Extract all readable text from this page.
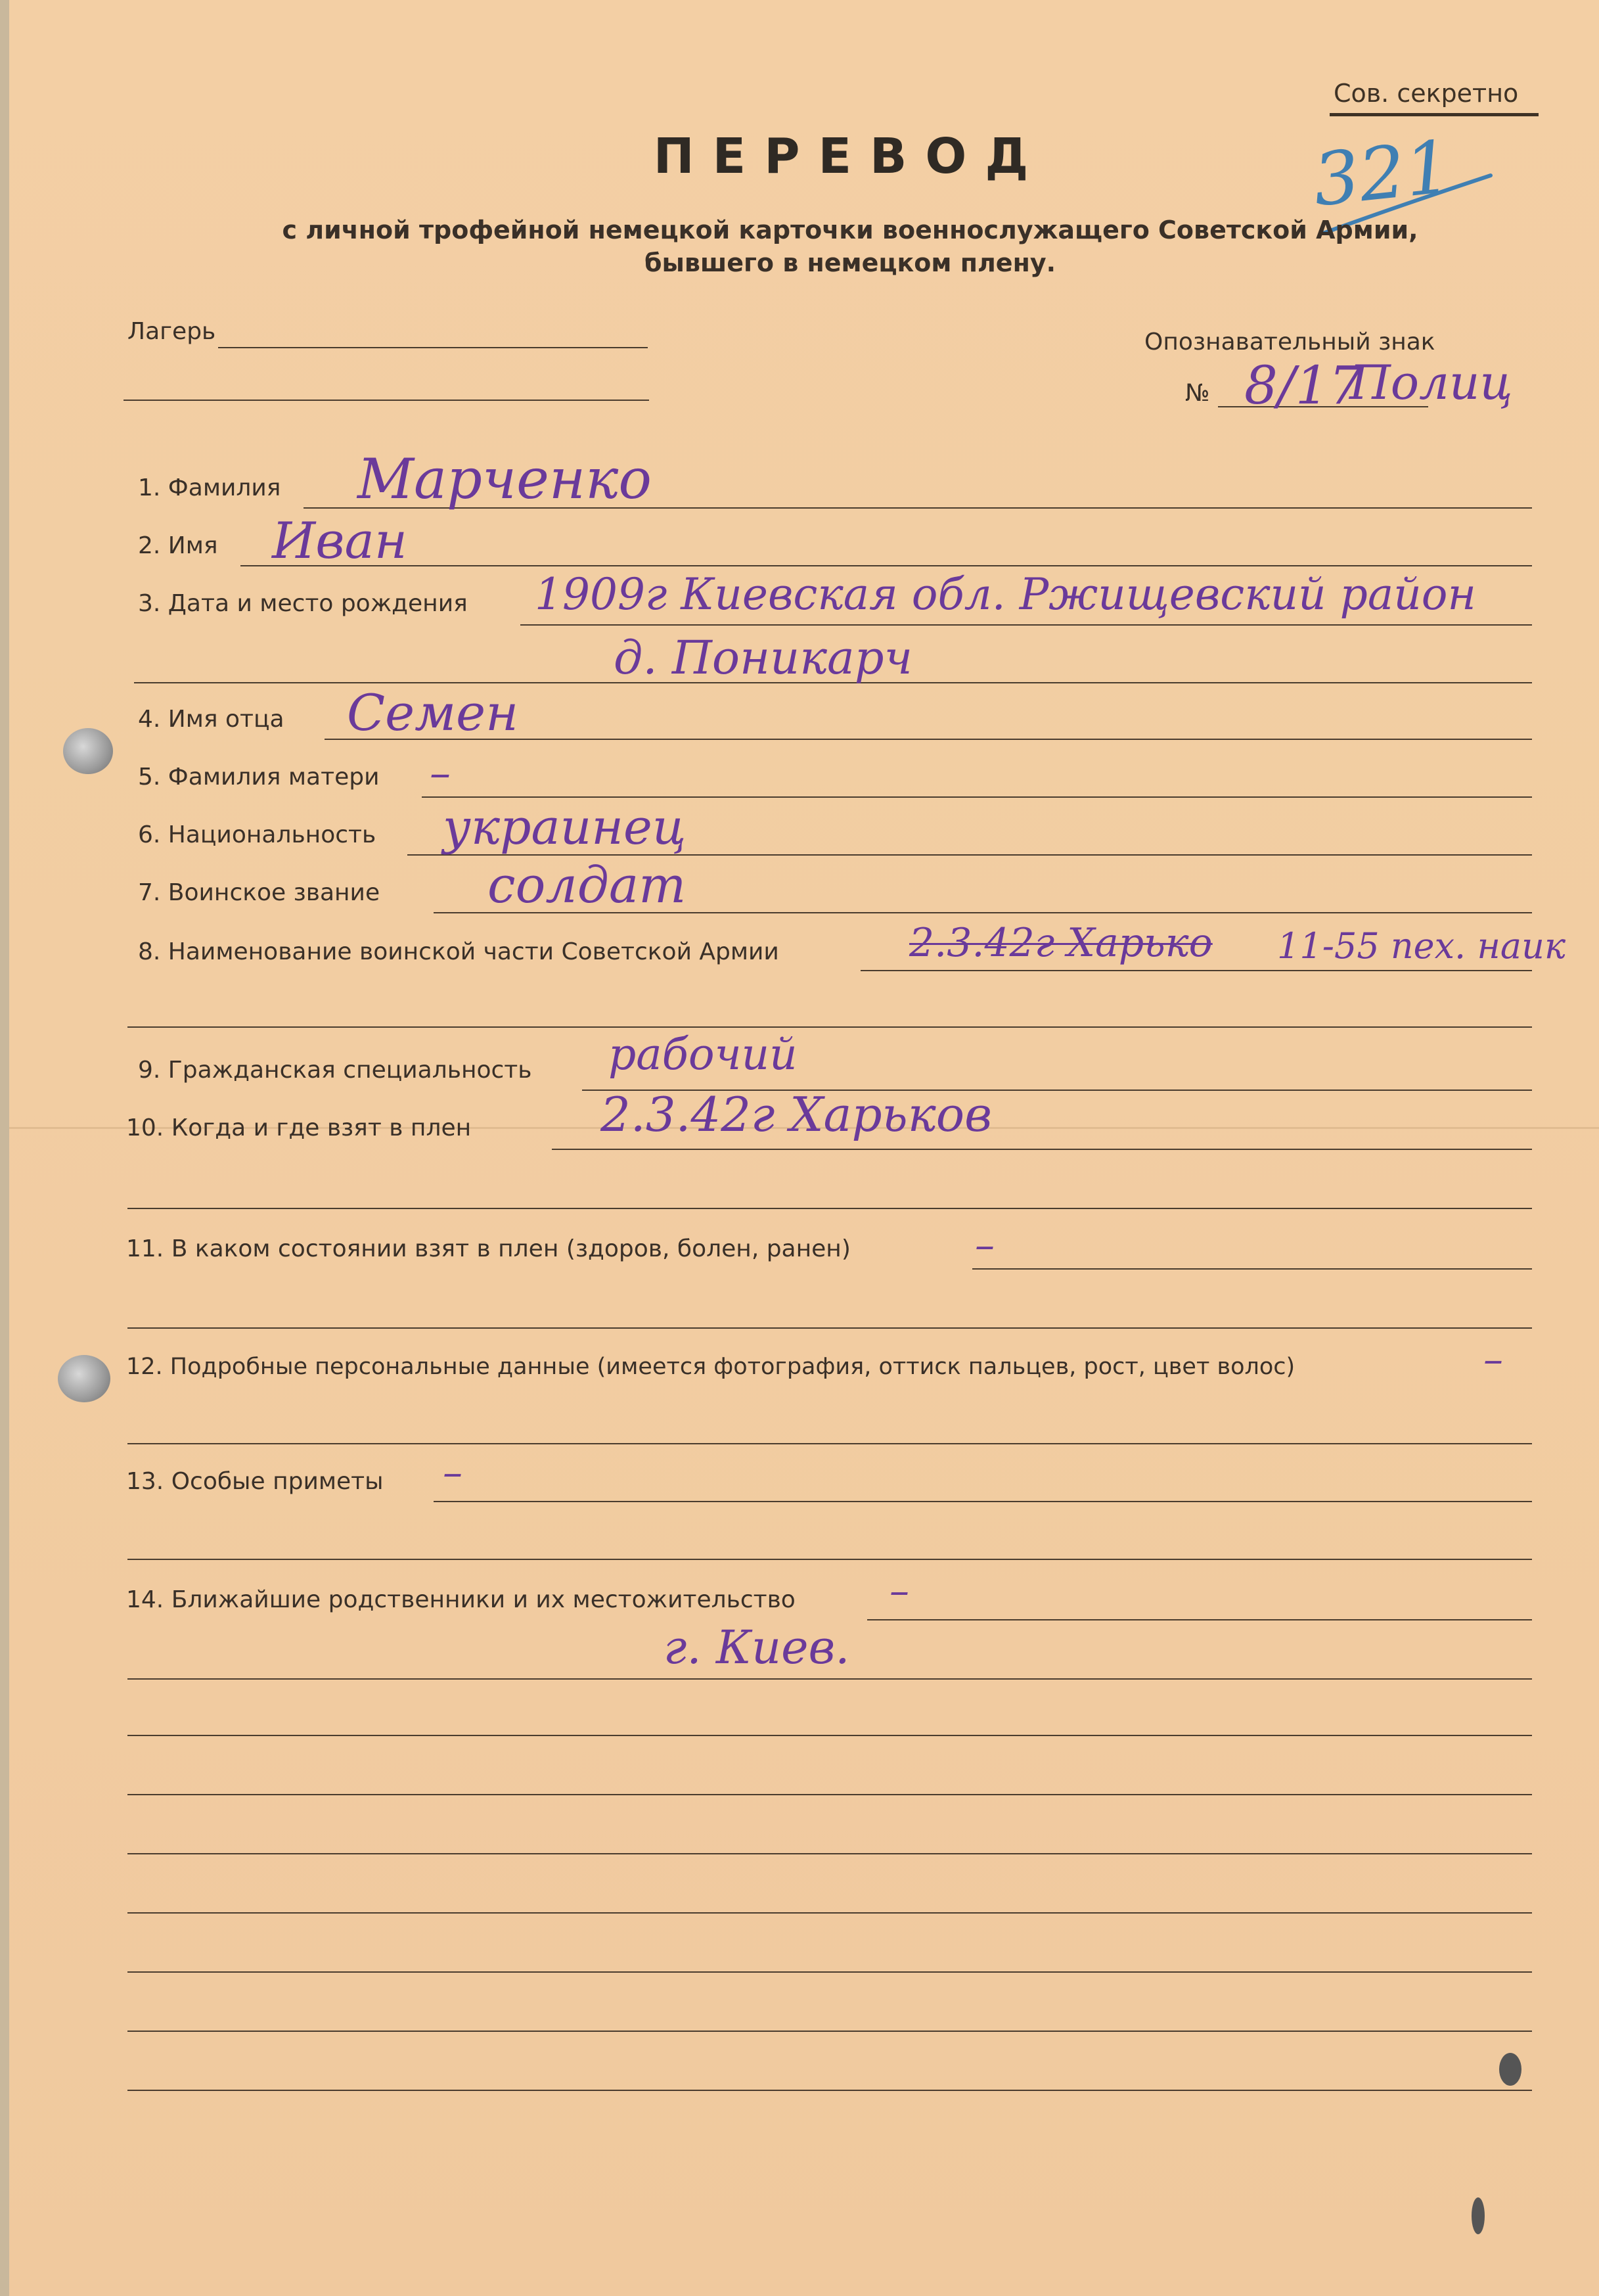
Сов. секретно
321
ПЕРЕВОД
с личной трофейной немецкой карточки военнослужащего Советской Армии,
бывшего в немецком плену.
Лагерь	Опознавательный знак
№ 8/17
Полиц
1. Фамилия Марченко
2. Имя Иван
3. Дата и место рождения 1909г Киевская обл. Ржищевский район
д. Поникарч
4. Имя отца Семен
5. Фамилия матери –
6. Национальность украинец
7. Воинское звание солдат
8. Наименование воинской части Советской Армии	2.3.42г Харько 11-55 пех. наик
9. Гражданская специальность рабочий
10. Когда и где взят в плен	2.3.42г Харьков
11. В каком состоянии взят в плен (здоров, болен, ранен)	–
12. Подробные персональные данные (имеется фотография, оттиск пальцев, рост, цвет волос)	–
13. Особые приметы –
14. Ближайшие родственники и их местожительство –
г. Киев.
